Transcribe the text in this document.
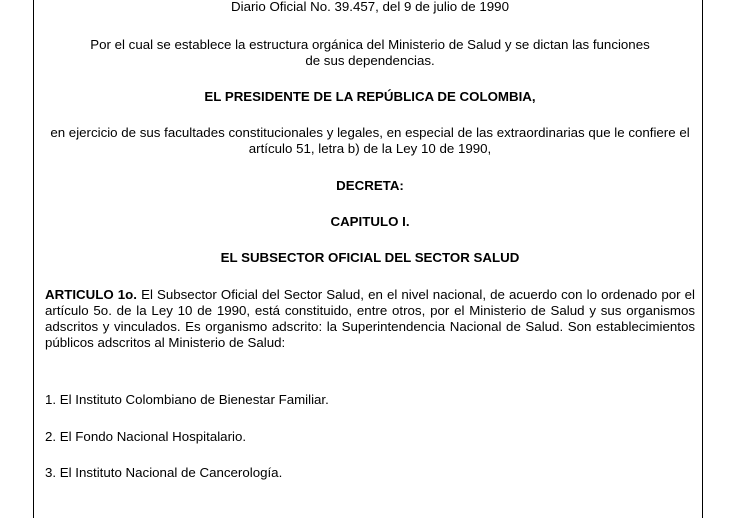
Diario Oficial No. 39.457, del 9 de julio de 1990

Por el cual se establece la estructura orgánica del Ministerio de Salud y se dictan las funciones de sus dependencias.

EL PRESIDENTE DE LA REPÚBLICA DE COLOMBIA,

en ejercicio de sus facultades constitucionales y legales, en especial de las extraordinarias que le confiere el artículo 51, letra b) de la Ley 10 de 1990,

DECRETA:

CAPITULO I.

EL SUBSECTOR OFICIAL DEL SECTOR SALUD

ARTICULO 1o. El Subsector Oficial del Sector Salud, en el nivel nacional, de acuerdo con lo ordenado por el artículo 5o. de la Ley 10 de 1990, está constituido, entre otros, por el Ministerio de Salud y sus organismos adscritos y vinculados. Es organismo adscrito: la Superintendencia Nacional de Salud. Son establecimientos públicos adscritos al Ministerio de Salud:

1. El Instituto Colombiano de Bienestar Familiar.

2. El Fondo Nacional Hospitalario.

3. El Instituto Nacional de Cancerología.
